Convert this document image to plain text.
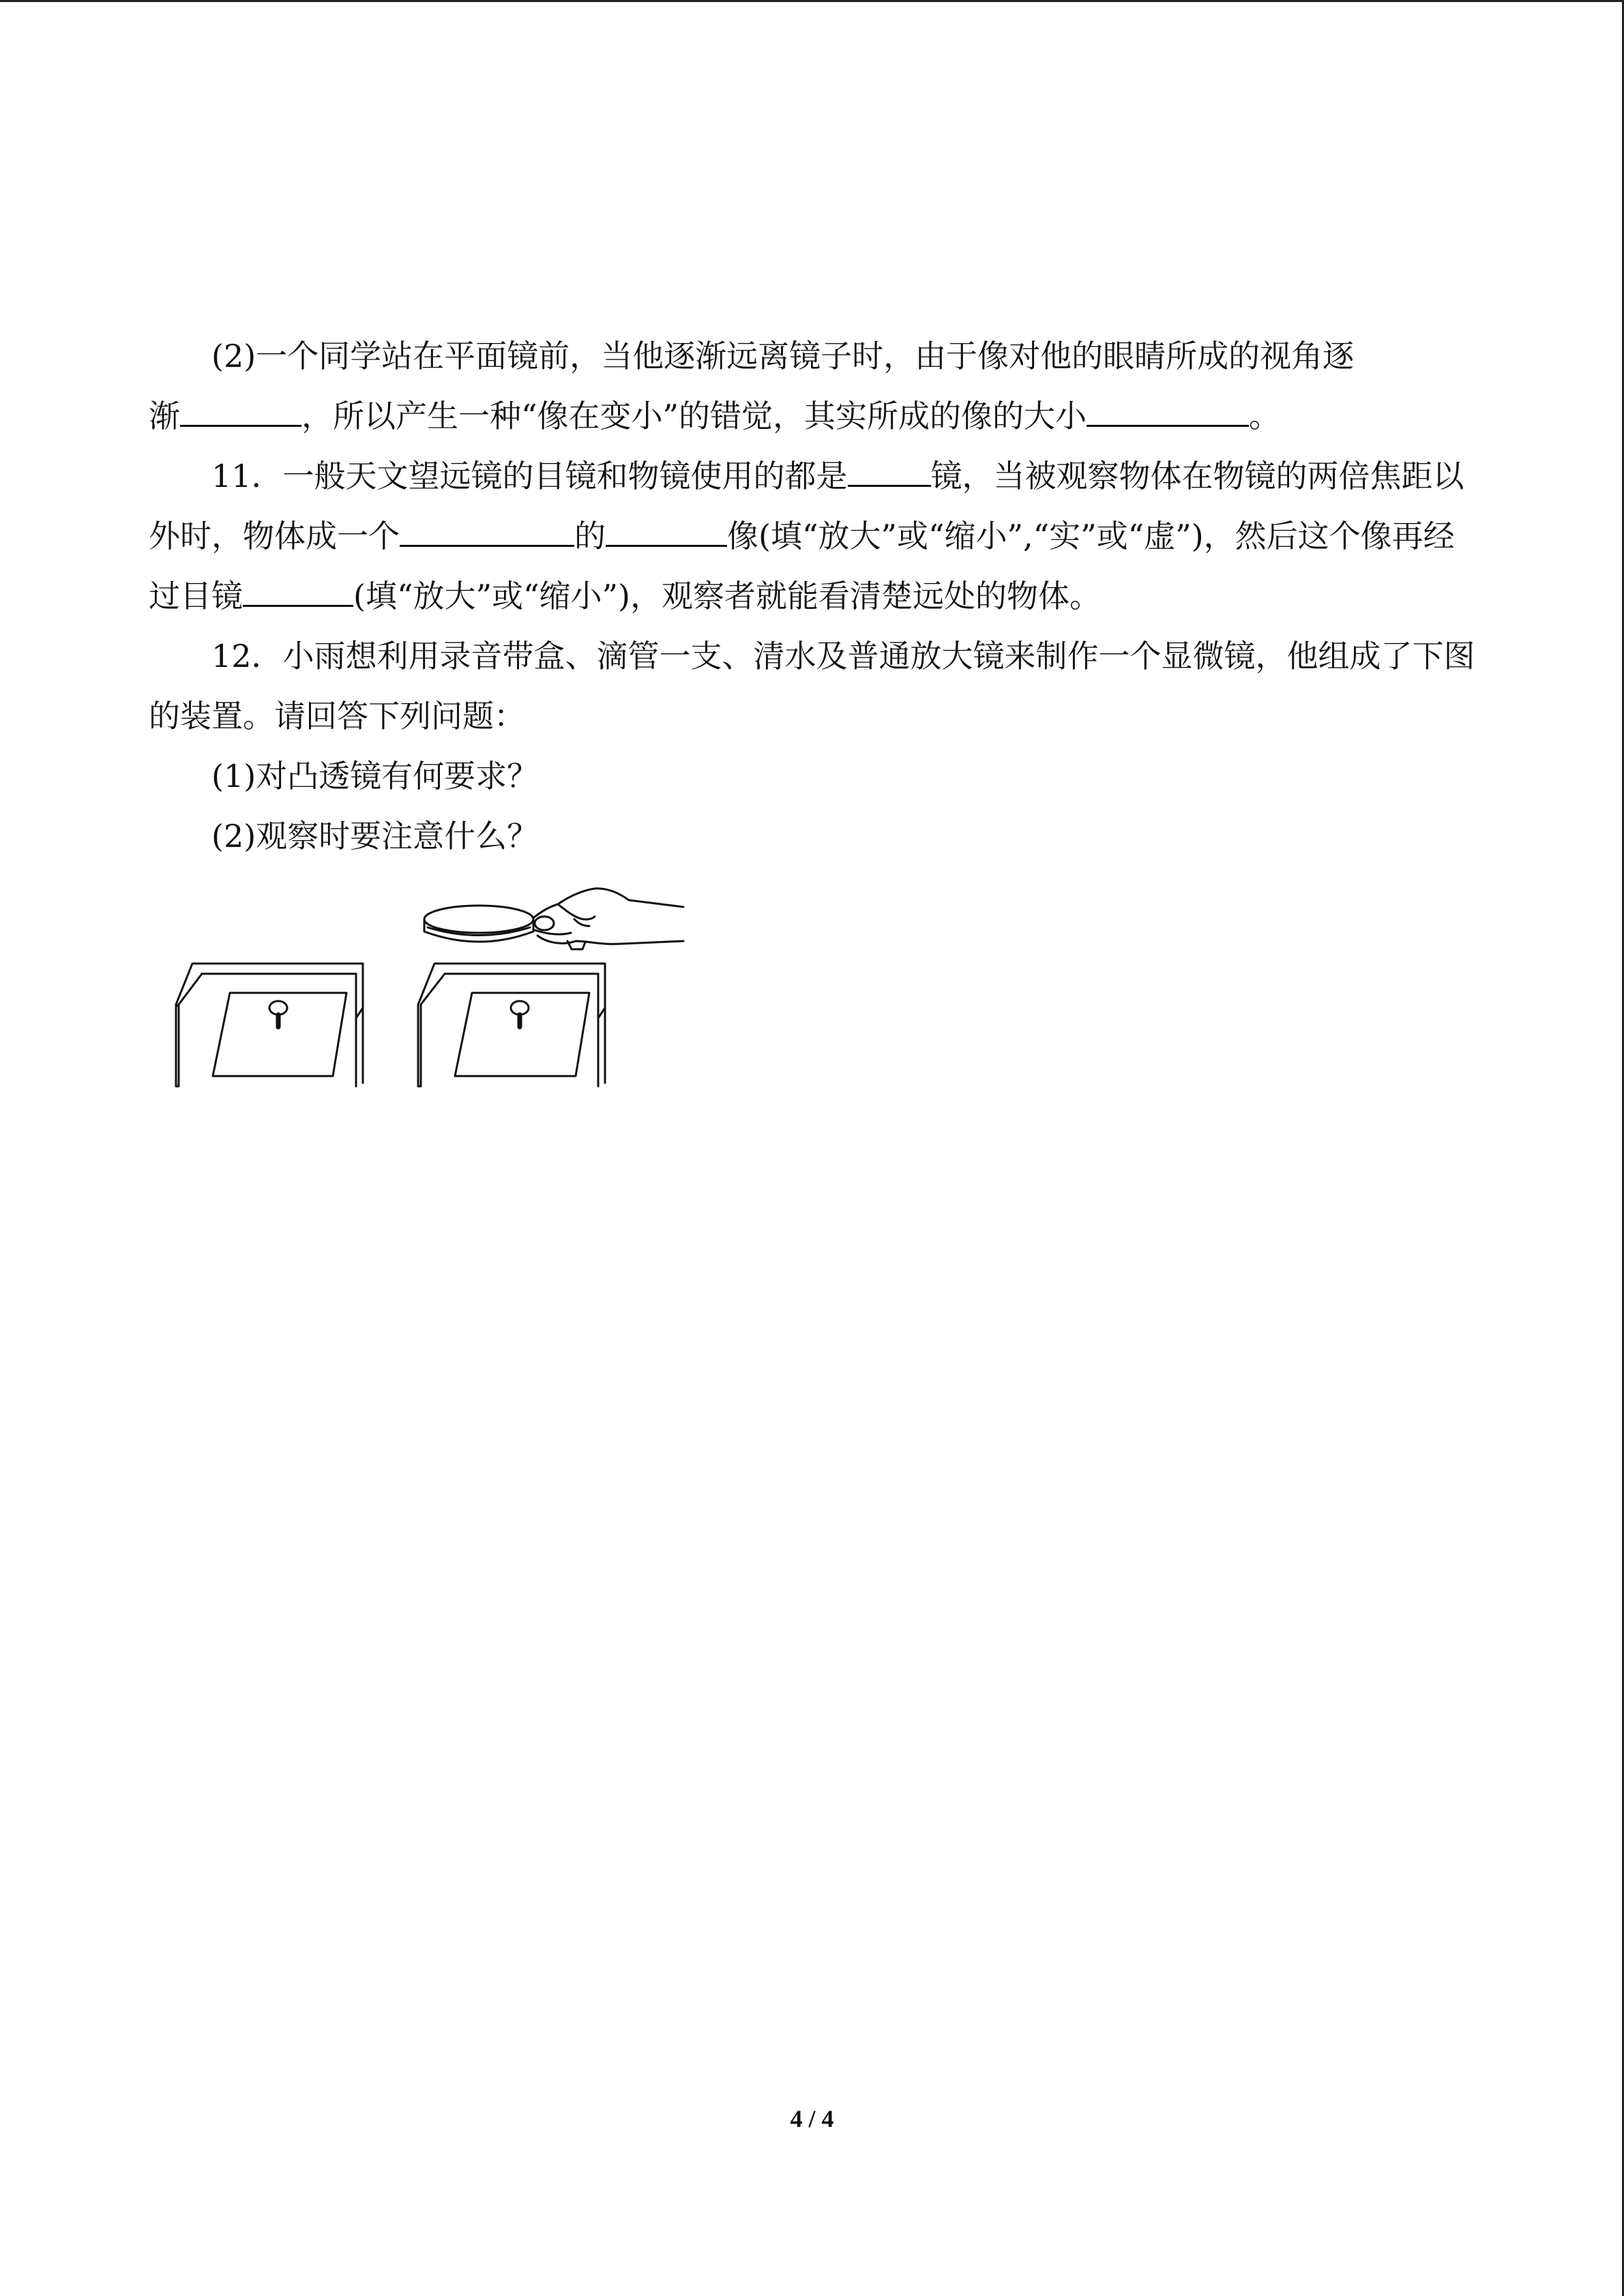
(2)一个同学站在平面镜前，当他逐渐远离镜子时，由于像对他的眼睛所成的视角逐

渐	，所以产生一种“像在变小”的错觉，其实所成的像的大小	。

11．一般天文望远镜的目镜和物镜使用的都是	镜，当被观察物体在物镜的两倍焦距以外时，物体成一个	的	像(填“放大”或“缩小”,“实”或“虚”)，然后这个像再经过目镜	(填“放大”或“缩小”)，观察者就能看清楚远处的物体。

12．小雨想利用录音带盒、滴管一支、清水及普通放大镜来制作一个显微镜，他组成了下图的装置。请回答下列问题：

(1)对凸透镜有何要求？

(2)观察时要注意什么？

4 / 4
